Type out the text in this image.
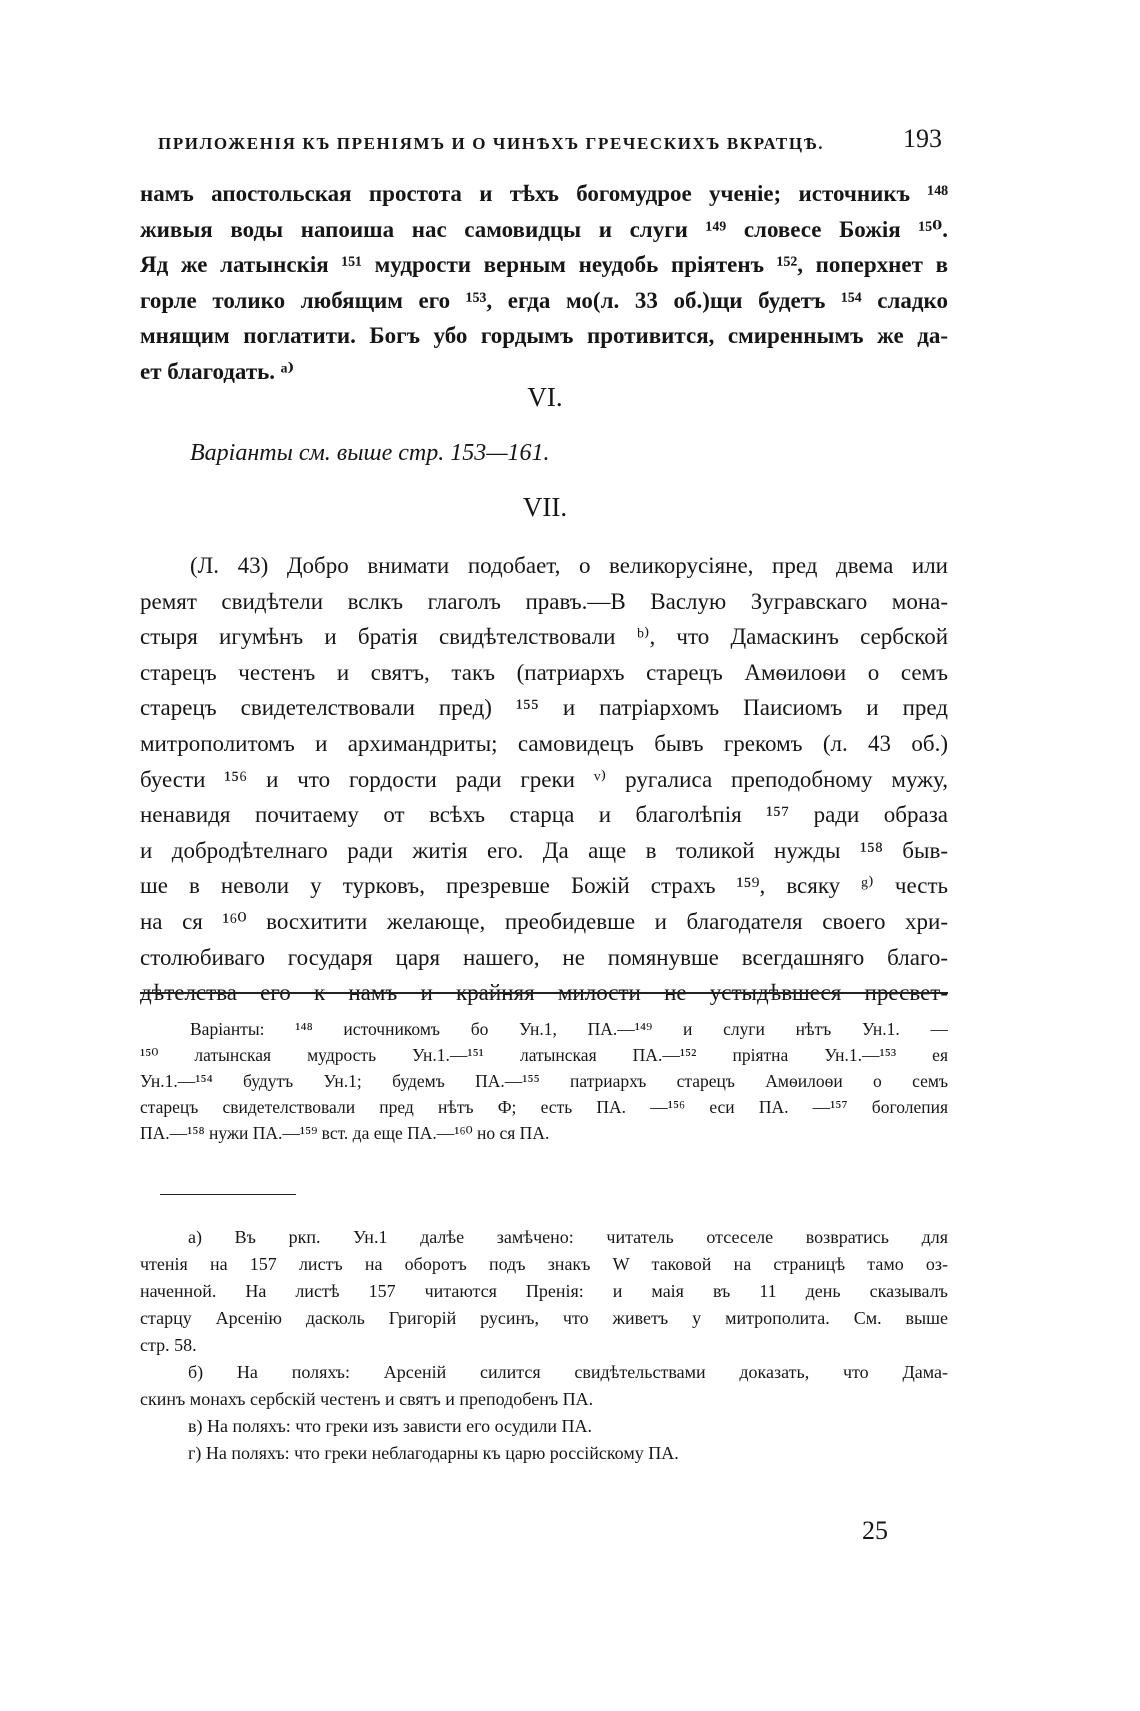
ПРИЛОЖЕНІЯ КЪ ПРЕНІЯМЪ И О ЧИНѢХЪ ГРЕЧЕСКИХЪ ВКРАТЦѢ.	193
намъ апостольская простота и тѣхъ богомудрое ученіе; источникъ ¹⁴⁸
живыя воды напоиша нас самовидцы и слуги ¹⁴⁹ словесе Божія ¹⁵⁰.
Яд же латынскія ¹⁵¹ мудрости верным неудобь пріятенъ ¹⁵², поперхнет в
горле толико любящим его ¹⁵³, егда мо(л. 33 об.)щи будетъ ¹⁵⁴ сладко
мнящим поглатити. Богъ убо гордымъ противится, смиреннымъ же да-
ет благодать. ᵃ⁾
VI.
Варіанты см. выше стр. 153—161.
VII.
(Л. 43) Добро внимати подобает, о великорусіяне, пред двема или
ремят свидѣтели вслкъ глаголъ правъ.—В Васлую Зугравскаго мона-
стыря игумѣнъ и братія свидѣтелствовали ᵇ⁾, что Дамаскинъ сербской
старецъ честенъ и святъ, такъ (патриархъ старецъ Амѳилоѳи о семъ
старецъ свидетелствовали пред) ¹⁵⁵ и патріархомъ Паисиомъ и пред
митрополитомъ и архимандриты; самовидецъ бывъ грекомъ (л. 43 об.)
буести ¹⁵⁶ и что гордости ради греки ᵛ⁾ ругалиса преподобному мужу,
ненавидя почитаему от всѣхъ старца и благолѣпія ¹⁵⁷ ради образа
и добродѣтелнаго ради житія его. Да аще в толикой нужды ¹⁵⁸ быв-
ше в неволи у турковъ, презревше Божій страхъ ¹⁵⁹, всяку ᵍ⁾ честь
на ся ¹⁶⁰ восхитити желающе, преобидевше и благодателя своего хри-
столюбиваго государя царя нашего, не помянувше всегдашняго благо-
дѣтелства его к намъ и крайняя милости не устыдѣвшеся пресвет-
Варіанты: ¹⁴⁸ источникомъ бо Ун.1, ПА.—¹⁴⁹ и слуги нѣтъ Ун.1. —
¹⁵⁰ латынская мудрость Ун.1.—¹⁵¹ латынская ПА.—¹⁵² пріятна Ун.1.—¹⁵³ ея
Ун.1.—¹⁵⁴ будутъ Ун.1; будемъ ПА.—¹⁵⁵ патриархъ старецъ Амѳилоѳи о семъ
старецъ свидетелствовали пред нѣтъ Ф; есть ПА. —¹⁵⁶ еси ПА. —¹⁵⁷ боголепия
ПА.—¹⁵⁸ нужи ПА.—¹⁵⁹ вст. да еще ПА.—¹⁶⁰ но ся ПА.
а) Въ ркп. Ун.1 далѣе замѣчено: читатель отсеселе возвратись для
чтенія на 157 листъ на оборотъ подъ знакъ W таковой на страницѣ тамо оз-
наченной. На листѣ 157 читаются Пренія: и маія въ 11 день сказывалъ
старцу Арсенію дасколь Григорій русинъ, что живетъ у митрополита. См. выше
стр. 58.
б) На поляхъ: Арсеній силится свидѣтельствами доказать, что Дама-
скинъ монахъ сербскій честенъ и святъ и преподобенъ ПА.
в) На поляхъ: что греки изъ зависти его осудили ПА.
г) На поляхъ: что греки неблагодарны къ царю россійскому ПА.
25
